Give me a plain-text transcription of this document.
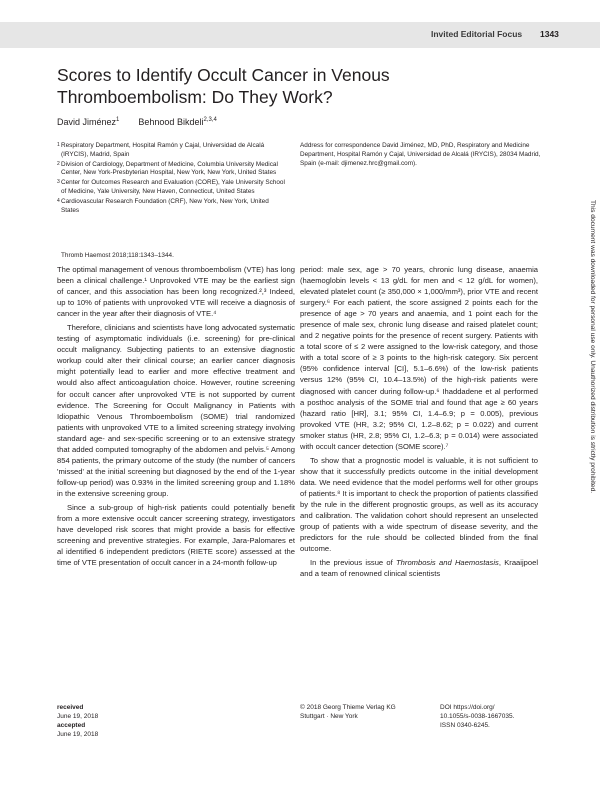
Invited Editorial Focus 1343
Scores to Identify Occult Cancer in Venous Thromboembolism: Do They Work?
David Jiménez$^1$ Behnood Bikdeli$^{2,3,4}$
1 Respiratory Department, Hospital Ramón y Cajal, Universidad de Alcalá (IRYCIS), Madrid, Spain
2 Division of Cardiology, Department of Medicine, Columbia University Medical Center, New York-Presbyterian Hospital, New York, New York, United States
3 Center for Outcomes Research and Evaluation (CORE), Yale University School of Medicine, Yale University, New Haven, Connecticut, United States
4 Cardiovascular Research Foundation (CRF), New York, New York, United States
Thromb Haemost 2018;118:1343–1344.
Address for correspondence David Jiménez, MD, PhD, Respiratory and Medicine Department, Hospital Ramón y Cajal, Universidad de Alcalá (IRYCIS), 28034 Madrid, Spain (e-mail: djimenez.hrc@gmail.com).

The optimal management of venous thromboembolism (VTE) has long been a clinical challenge.¹ Unprovoked VTE may be the earliest sign of cancer, and this association has been long recognized.²,³ Indeed, up to 10% of patients with unprovoked VTE will receive a diagnosis of cancer in the year after their diagnosis of VTE.⁴

Therefore, clinicians and scientists have long advocated systematic testing of asymptomatic individuals (i.e. screening) for pre-clinical occult malignancy. Subjecting patients to an extensive diagnostic workup could alter their clinical course; an earlier cancer diagnosis might potentially lead to earlier and more effective treatment and would also affect anticoagulation choice. However, routine screening for occult cancer after unprovoked VTE is not supported by current evidence. The Screening for Occult Malignancy in Patients with Idiopathic Venous Thromboembolism (SOME) trial randomized patients with unprovoked VTE to a limited screening strategy involving standard age- and sex-specific screening or to an extensive strategy that added computed tomography of the abdomen and pelvis.⁵ Among 854 patients, the primary outcome of the study (the number of cancers 'missed' at the initial screening but diagnosed by the end of the 1-year follow-up period) was 0.93% in the limited screening group and 1.18% in the extensive screening group.

Since a sub-group of high-risk patients could potentially benefit from a more extensive occult cancer screening strategy, investigators have developed risk scores that might provide a basis for effective screening and preventive strategies. For example, Jara-Palomares et al identified 6 independent predictors (RIETE score) assessed at the time of VTE presentation of occult cancer in a 24-month follow-up

period: male sex, age > 70 years, chronic lung disease, anaemia (haemoglobin levels < 13 g/dL for men and < 12 g/dL for women), elevated platelet count (≥ 350,000 × 1,000/mm³), prior VTE and recent surgery.⁶ For each patient, the score assigned 2 points each for the presence of age > 70 years and anaemia, and 1 point each for the presence of male sex, chronic lung disease and raised platelet count; and 2 negative points for the presence of recent surgery. Patients with a total score of ≤ 2 were assigned to the low-risk category, and those with a total score of ≥ 3 points to the high-risk category. Six percent (95% confidence interval [CI], 5.1–6.6%) of the low-risk patients versus 12% (95% CI, 10.4–13.5%) of the high-risk patients were diagnosed with cancer during follow-up.⁶ Ihaddadene et al performed a posthoc analysis of the SOME trial and found that age ≥ 60 years (hazard ratio [HR], 3.1; 95% CI, 1.4–6.9; p = 0.005), previous provoked VTE (HR, 3.2; 95% CI, 1.2–8.62; p = 0.022) and current smoker status (HR, 2.8; 95% CI, 1.2–6.3; p = 0.014) were associated with occult cancer detection (SOME score).⁷

To show that a prognostic model is valuable, it is not sufficient to show that it successfully predicts outcome in the initial development data. We need evidence that the model performs well for other groups of patients.⁸ It is important to check the proportion of patients classified by the rule in the different prognostic groups, as well as its accuracy and calibration. The validation cohort should represent an unselected group of patients with a wide spectrum of disease severity, and the predictors for the rule should be collected blinded from the final outcome.

In the previous issue of Thrombosis and Haemostasis, Kraaijpoel and a team of renowned clinical scientists

received
June 19, 2018
accepted
June 19, 2018
© 2018 Georg Thieme Verlag KG
Stuttgart · New York
DOI https://doi.org/
10.1055/s-0038-1667035.
ISSN 0340-6245.
This document was downloaded for personal use only. Unauthorized distribution is strictly prohibited.
